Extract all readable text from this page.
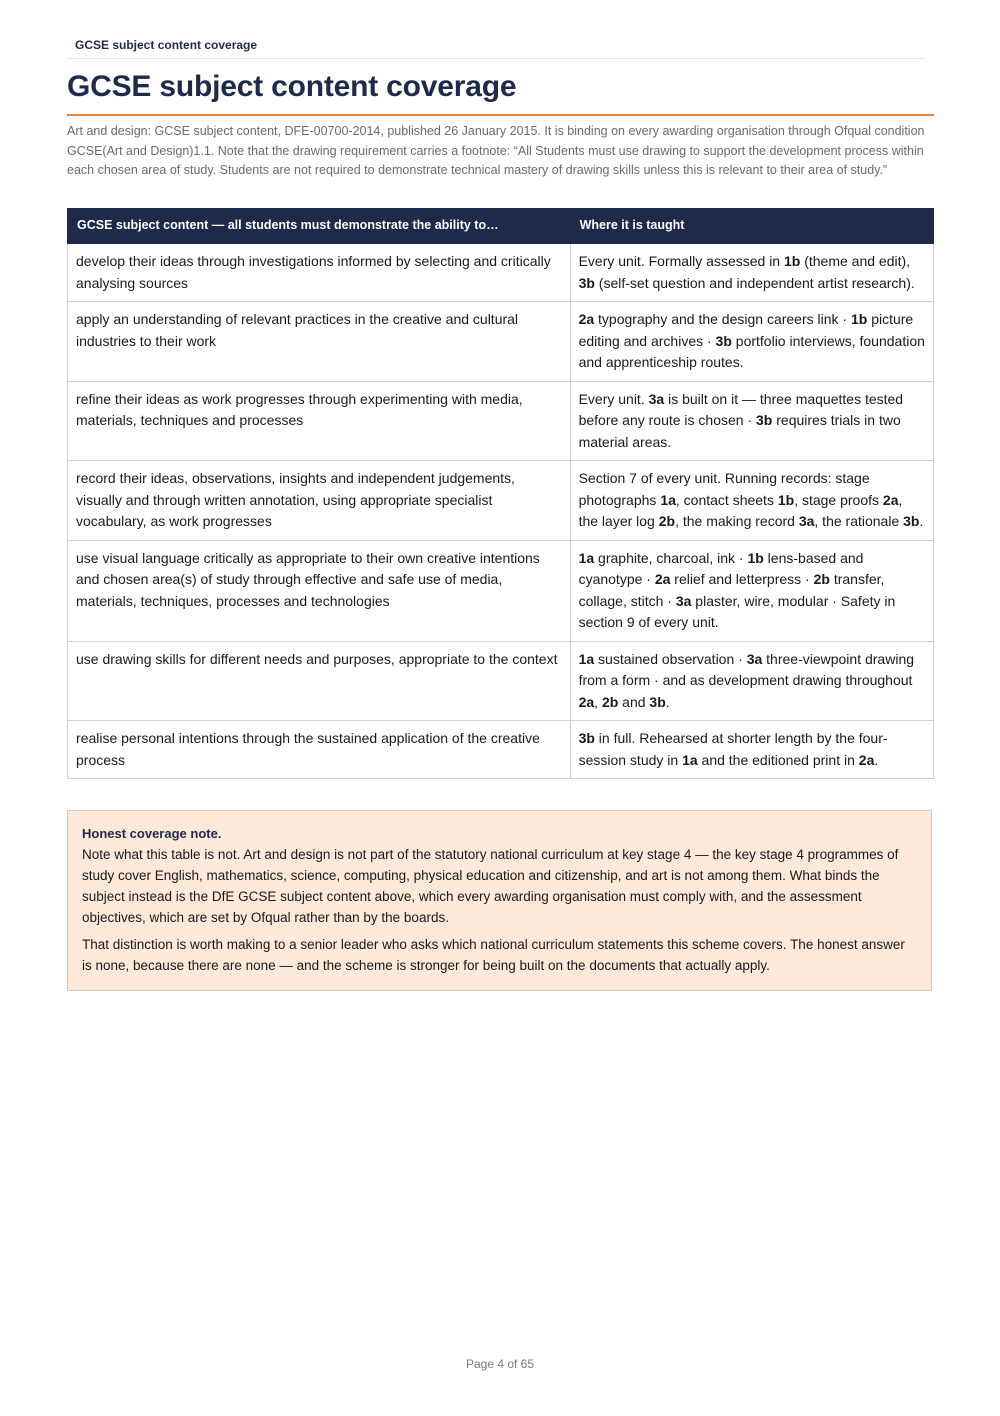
GCSE subject content coverage
GCSE subject content coverage

Art and design: GCSE subject content, DFE-00700-2014, published 26 January 2015. It is binding on every awarding organisation through Ofqual condition GCSE(Art and Design)1.1. Note that the drawing requirement carries a footnote: “All Students must use drawing to support the development process within each chosen area of study. Students are not required to demonstrate technical mastery of drawing skills unless this is relevant to their area of study.”

GCSE subject content — all students must demonstrate the ability to…	Where it is taught
develop their ideas through investigations informed by selecting and critically analysing sources	Every unit. Formally assessed in 1b (theme and edit), 3b (self-set question and independent artist research).
apply an understanding of relevant practices in the creative and cultural industries to their work	2a typography and the design careers link · 1b picture editing and archives · 3b portfolio interviews, foundation and apprenticeship routes.
refine their ideas as work progresses through experimenting with media, materials, techniques and processes	Every unit. 3a is built on it — three maquettes tested before any route is chosen · 3b requires trials in two material areas.
record their ideas, observations, insights and independent judgements, visually and through written annotation, using appropriate specialist vocabulary, as work progresses	Section 7 of every unit. Running records: stage photographs 1a, contact sheets 1b, stage proofs 2a, the layer log 2b, the making record 3a, the rationale 3b.
use visual language critically as appropriate to their own creative intentions and chosen area(s) of study through effective and safe use of media, materials, techniques, processes and technologies	1a graphite, charcoal, ink · 1b lens-based and cyanotype · 2a relief and letterpress · 2b transfer, collage, stitch · 3a plaster, wire, modular · Safety in section 9 of every unit.
use drawing skills for different needs and purposes, appropriate to the context	1a sustained observation · 3a three-viewpoint drawing from a form · and as development drawing throughout 2a, 2b and 3b.
realise personal intentions through the sustained application of the creative process	3b in full. Rehearsed at shorter length by the four-session study in 1a and the editioned print in 2a.
Honest coverage note.

Note what this table is not. Art and design is not part of the statutory national curriculum at key stage 4 — the key stage 4 programmes of study cover English, mathematics, science, computing, physical education and citizenship, and art is not among them. What binds the subject instead is the DfE GCSE subject content above, which every awarding organisation must comply with, and the assessment objectives, which are set by Ofqual rather than by the boards.

That distinction is worth making to a senior leader who asks which national curriculum statements this scheme covers. The honest answer is none, because there are none — and the scheme is stronger for being built on the documents that actually apply.

Page 4 of 65
